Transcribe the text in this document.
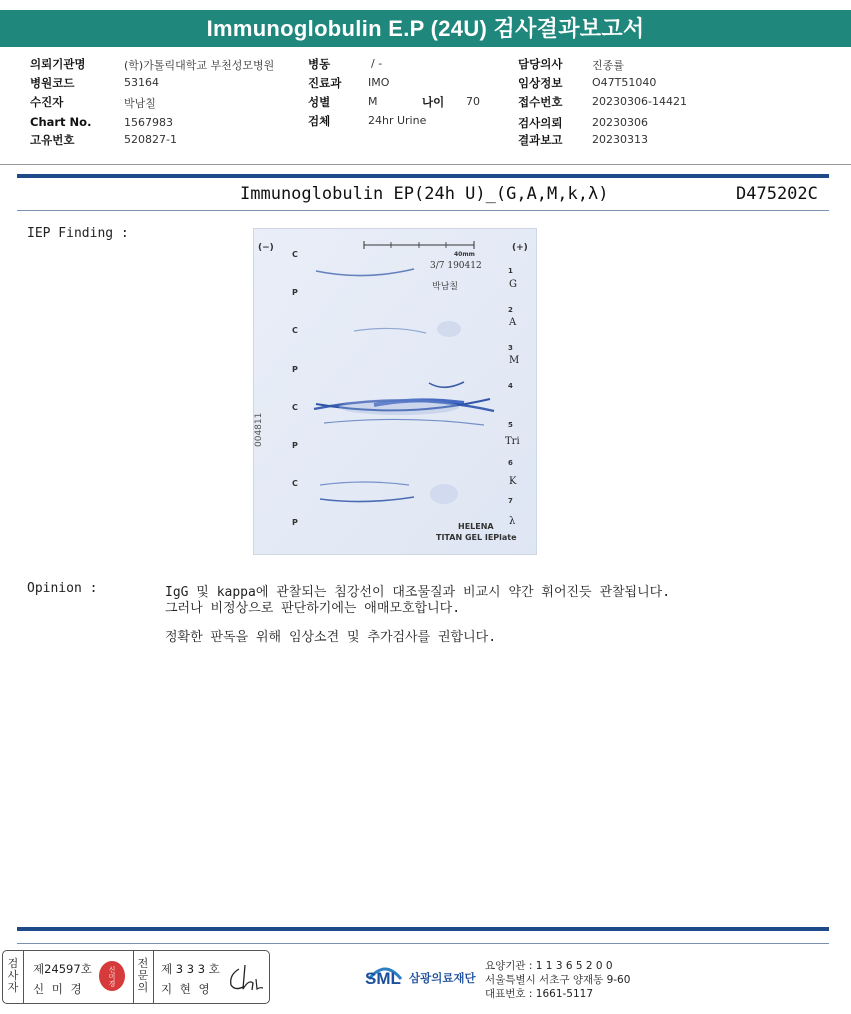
Immunoglobulin E.P (24U) 검사결과보고서
의뢰기관명	(학)가톨릭대학교 부천성모병원
병원코드	53164
수진자	박남칠
Chart No.	1567983
고유번호	520827-1
병동	/ -
진료과 IMO
성별	M	나이 70
검체	24hr Urine
담당의사	진종률
임상정보	O47T51040
접수번호	20230306-14421
검사의뢰	20230306
결과보고	20230313
Immunoglobulin EP(24h U)_(G,A,M,k,λ)	D475202C
IEP Finding :
(−)	(+)
40mm
3/7 190412
박남칠
004811
C
P
C
P
C
P
C
P
1
2
3
4
5
6
7
G
A
M
Tri
K
λ
HELENA
TITAN GEL IEPlate
Opinion :	IgG 및 kappa에 관찰되는 침강선이 대조물질과 비교시 약간 휘어진듯 관찰됩니다.
그러나 비정상으로 판단하기에는 애매모호합니다.
정확한 판독을 위해 임상소견 및 추가검사를 권합니다.
검사자
제24597호
신 미 경
신미경
전문의
제 3 3 3 호
지 현 영
SML 삼광의료재단
요양기관 : 1 1 3 6 5 2 0 0
서울특별시 서초구 양재동 9-60
대표번호 : 1661-5117
